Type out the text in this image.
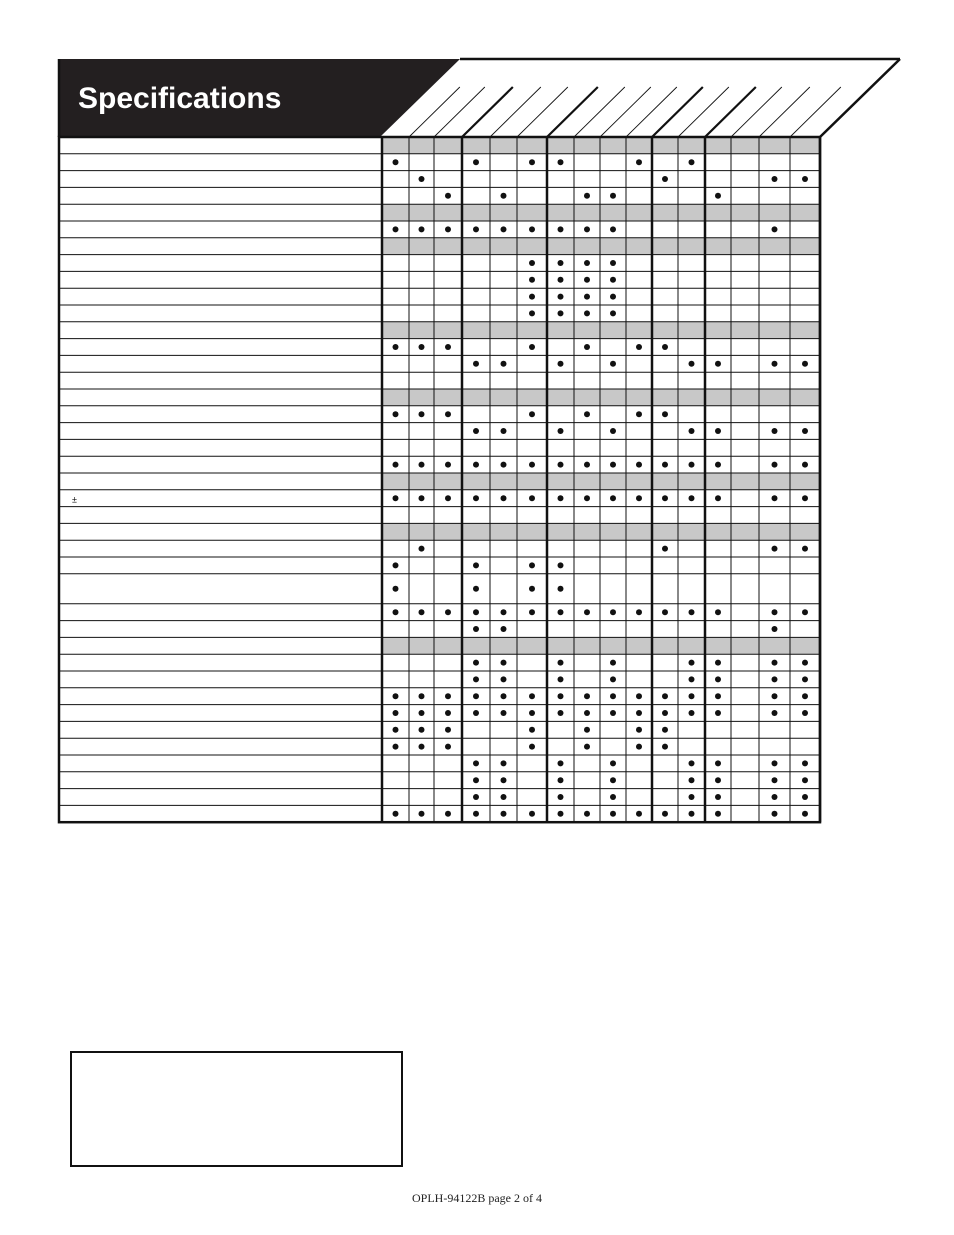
Specifications
±
OPLH-94122B page 2 of 4
